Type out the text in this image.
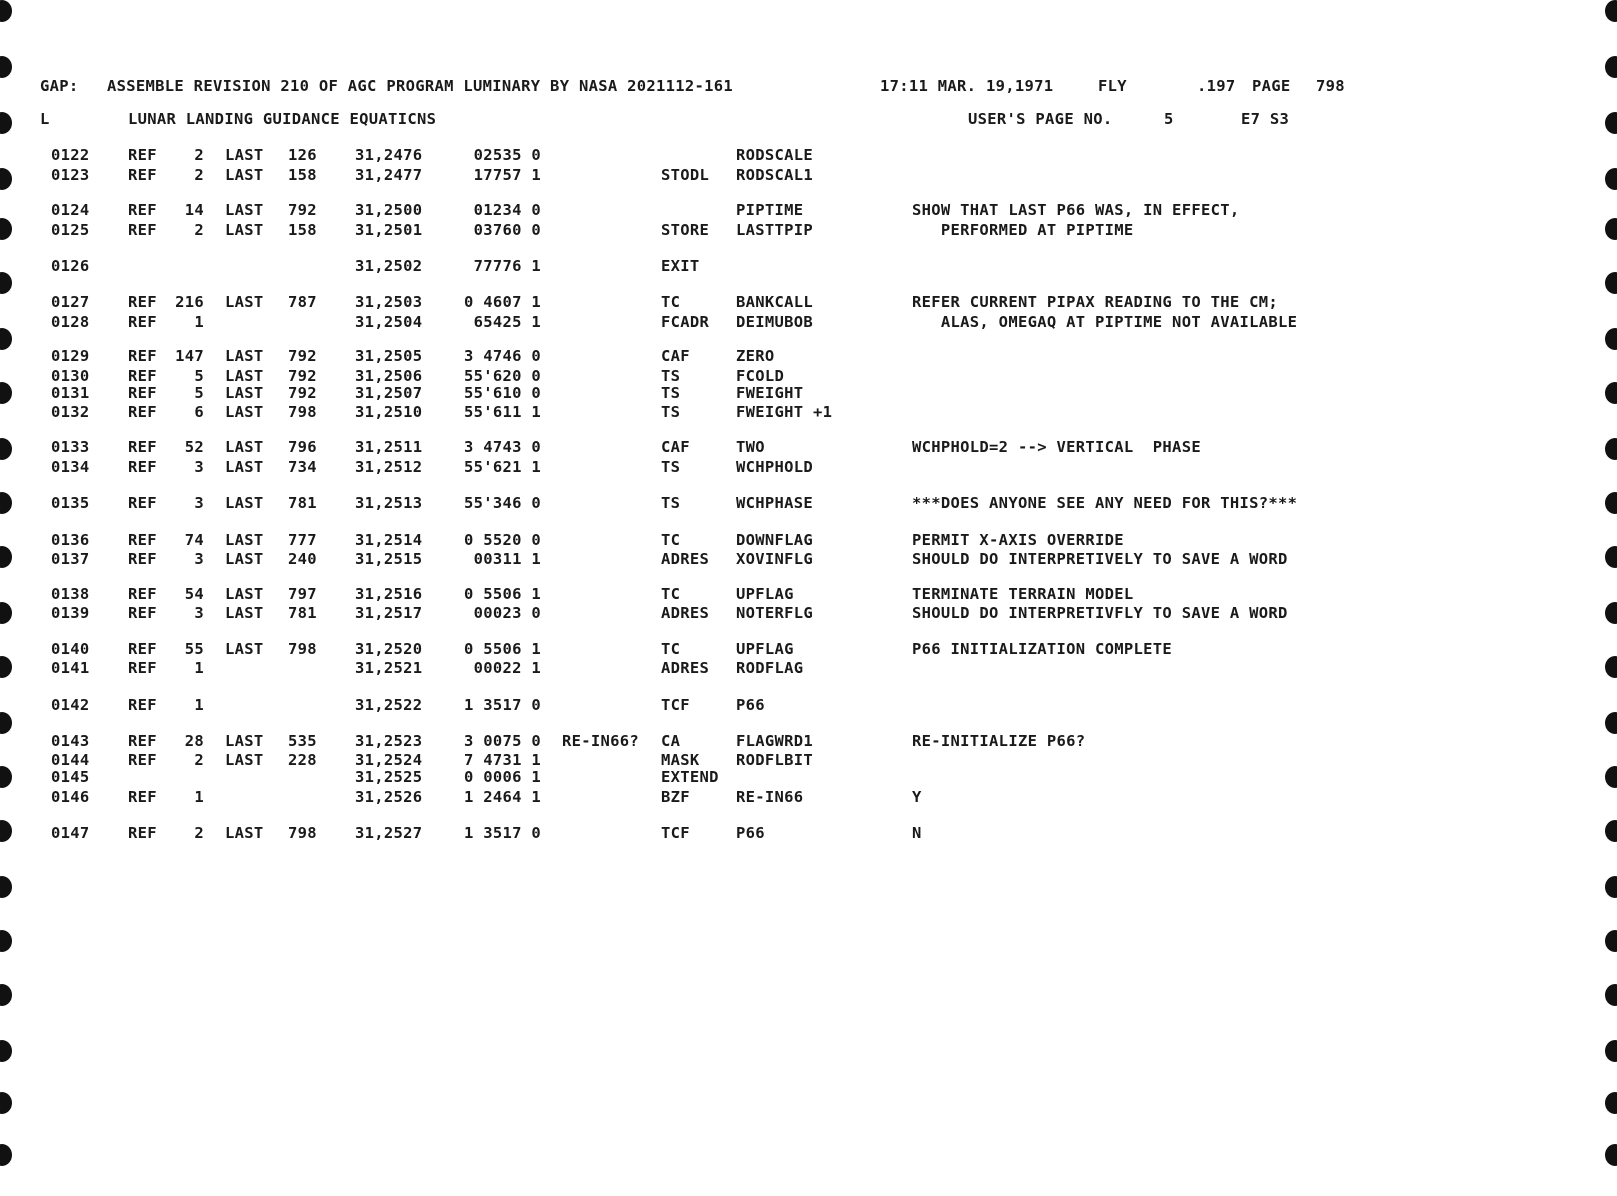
GAP: ASSEMBLE REVISION 210 OF AGC PROGRAM LUMINARY BY NASA 2021112-161	17:11 MAR. 19,1971	FLY	.197 PAGE 798
L	LUNAR LANDING GUIDANCE EQUATICNS	USER'S PAGE NO.	5	E7 S3
0122 REF	2 LAST 126 31,2476	02535 0	RODSCALE
0123 REF	2 LAST 158 31,2477	17757 1	STODL RODSCAL1
0124 REF	14 LAST 792 31,2500	01234 0	PIPTIME	SHOW THAT LAST P66 WAS, IN EFFECT,
0125 REF	2 LAST 158 31,2501	03760 0	STORE LASTTPIP	PERFORMED AT PIPTIME
0126	31,2502	77776 1	EXIT
0127 REF	216 LAST 787 31,2503	0 4607 1	TC	BANKCALL	REFER CURRENT PIPAX READING TO THE CM;
0128 REF	1	31,2504	65425 1	FCADR DEIMUBOB	ALAS, OMEGAQ AT PIPTIME NOT AVAILABLE
0129 REF	147 LAST 792 31,2505	3 4746 0	CAF	ZERO
0130 REF	5 LAST 792 31,2506	55'620 0	TS	FCOLD
0131 REF	5 LAST 792 31,2507	55'610 0	TS	FWEIGHT
0132 REF	6 LAST 798 31,2510	55'611 1	TS	FWEIGHT +1
0133 REF	52 LAST 796 31,2511	3 4743 0	CAF	TWO	WCHPHOLD=2 --> VERTICAL  PHASE
0134 REF	3 LAST 734 31,2512	55'621 1	TS	WCHPHOLD
0135 REF	3 LAST 781 31,2513	55'346 0	TS	WCHPHASE	***DOES ANYONE SEE ANY NEED FOR THIS?***
0136 REF	74 LAST 777 31,2514	0 5520 0	TC	DOWNFLAG	PERMIT X-AXIS OVERRIDE
0137 REF	3 LAST 240 31,2515	00311 1	ADRES XOVINFLG	SHOULD DO INTERPRETIVELY TO SAVE A WORD
0138 REF	54 LAST 797 31,2516	0 5506 1	TC	UPFLAG	TERMINATE TERRAIN MODEL
0139 REF	3 LAST 781 31,2517	00023 0	ADRES NOTERFLG	SHOULD DO INTERPRETIVFLY TO SAVE A WORD
0140 REF	55 LAST 798 31,2520	0 5506 1	TC	UPFLAG	P66 INITIALIZATION COMPLETE
0141 REF	1	31,2521	00022 1	ADRES RODFLAG
0142 REF	1	31,2522	1 3517 0	TCF	P66
0143 REF	28 LAST 535 31,2523	3 0075 0 RE-IN66? CA	FLAGWRD1	RE-INITIALIZE P66?
0144 REF	2 LAST 228 31,2524	7 4731 1	MASK RODFLBIT
0145	31,2525	0 0006 1	EXTEND
0146 REF	1	31,2526	1 2464 1	BZF	RE-IN66	Y
0147 REF	2 LAST 798 31,2527	1 3517 0	TCF	P66	N
